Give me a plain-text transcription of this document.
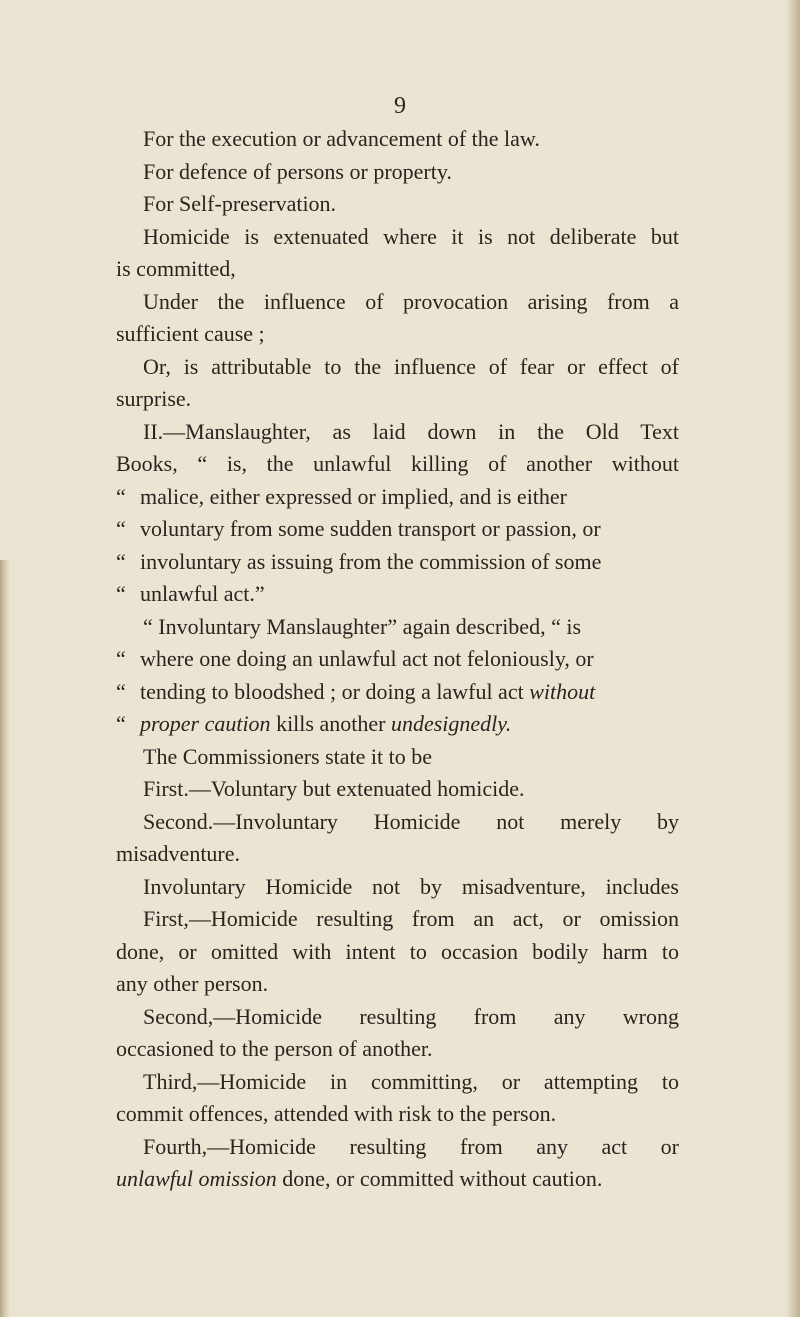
9
For the execution or advancement of the law.
For defence of persons or property.
For Self-preservation.
Homicide is extenuated where it is not deliberate but
is committed,
Under the influence of provocation arising from a
sufficient cause ;
Or, is attributable to the influence of fear or effect of
surprise.
II.—Manslaughter, as laid down in the Old Text
Books, “ is, the unlawful killing of another without
“ malice, either expressed or implied, and is either
“ voluntary from some sudden transport or passion, or
“ involuntary as issuing from the commission of some
“ unlawful act.”
“ Involuntary Manslaughter” again described, “ is
“ where one doing an unlawful act not feloniously, or
“ tending to bloodshed ; or doing a lawful act without
“ proper caution kills another undesignedly.
The Commissioners state it to be
First.—Voluntary but extenuated homicide.
Second.—Involuntary Homicide not merely by
misadventure.
Involuntary Homicide not by misadventure, includes
First,—Homicide resulting from an act, or omission
done, or omitted with intent to occasion bodily harm to
any other person.
Second,—Homicide resulting from any wrong
occasioned to the person of another.
Third,—Homicide in committing, or attempting to
commit offences, attended with risk to the person.
Fourth,—Homicide resulting from any act or
unlawful omission done, or committed without caution.
